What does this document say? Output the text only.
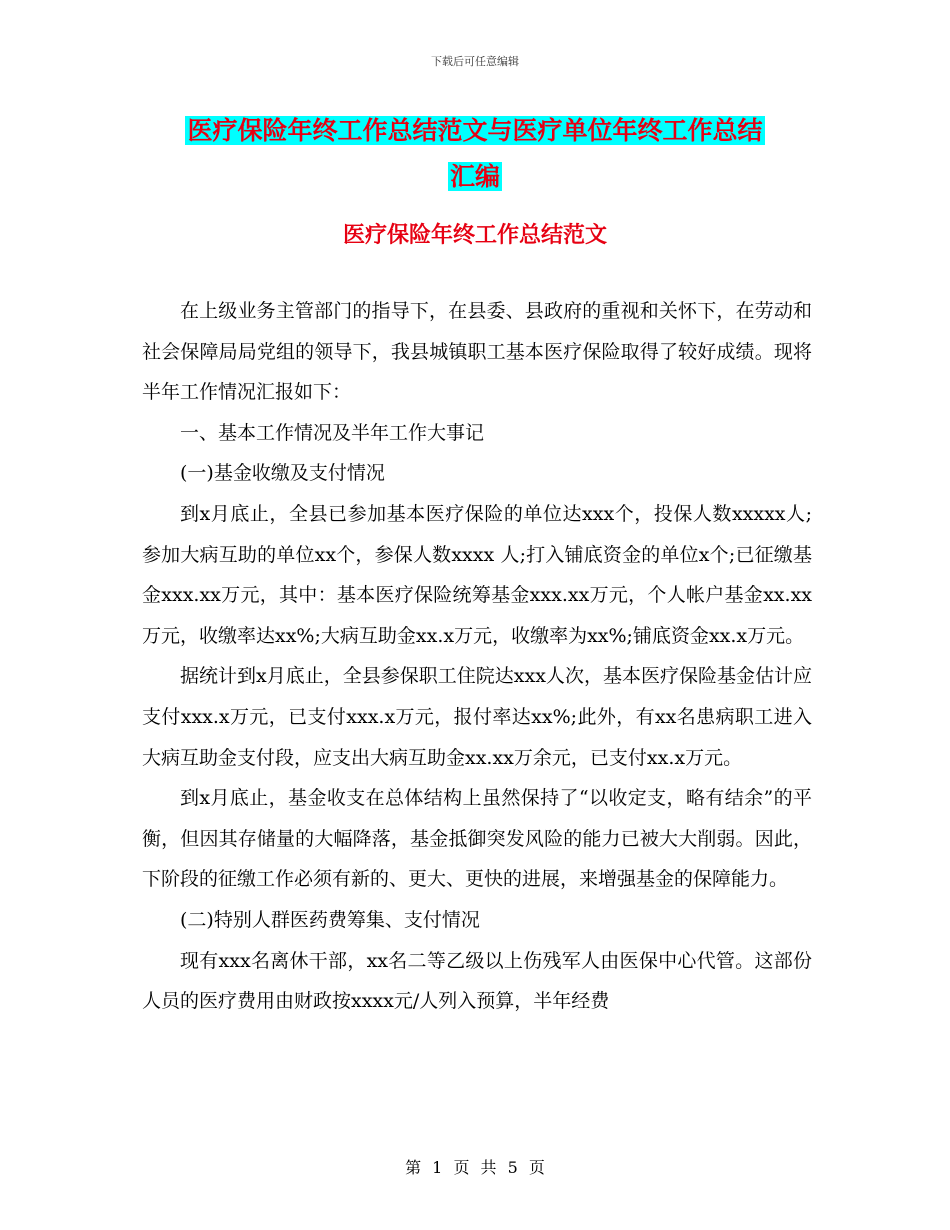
下载后可任意编辑
医疗保险年终工作总结范文与医疗单位年终工作总结
汇编
医疗保险年终工作总结范文

在上级业务主管部门的指导下，在县委、县政府的重视和关怀下，在劳动和社会保障局局党组的领导下，我县城镇职工基本医疗保险取得了较好成绩。现将半年工作情况汇报如下：

一、基本工作情况及半年工作大事记

(一)基金收缴及支付情况

到x月底止，全县已参加基本医疗保险的单位达xxx个，投保人数xxxxx人;参加大病互助的单位xx个，参保人数xxxx 人;打入铺底资金的单位x个;已征缴基金xxx.xx万元，其中：基本医疗保险统筹基金xxx.xx万元，个人帐户基金xx.xx万元，收缴率达xx%;大病互助金xx.x万元，收缴率为xx%;铺底资金xx.x万元。

据统计到x月底止，全县参保职工住院达xxx人次，基本医疗保险基金估计应支付xxx.x万元，已支付xxx.x万元，报付率达xx%;此外，有xx名患病职工进入大病互助金支付段，应支出大病互助金xx.xx万余元，已支付xx.x万元。

到x月底止，基金收支在总体结构上虽然保持了“以收定支，略有结余”的平衡，但因其存储量的大幅降落，基金抵御突发风险的能力已被大大削弱。因此，下阶段的征缴工作必须有新的、更大、更快的进展，来增强基金的保障能力。

(二)特别人群医药费筹集、支付情况

现有xxx名离休干部，xx名二等乙级以上伤残军人由医保中心代管。这部份人员的医疗费用由财政按xxxx元/人列入预算，半年经费

第 1 页 共 5 页
